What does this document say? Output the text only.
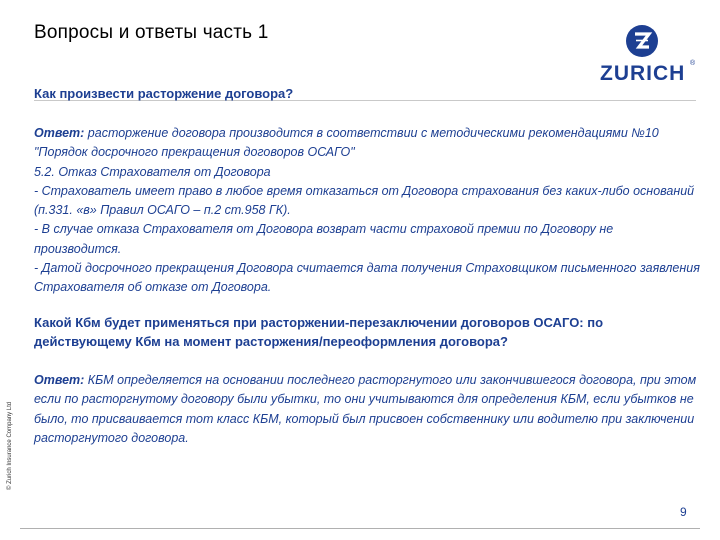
Вопросы и ответы часть 1
ZURICH ®
Как произвести расторжение договора?

Ответ: расторжение договора производится в соответствии с методическими рекомендациями №10 "Порядок досрочного прекращения договоров ОСАГО"

5.2. Отказ Страхователя от Договора

- Страхователь имеет право в любое время отказаться от Договора страхования без каких-либо оснований (п.331. «в» Правил ОСАГО – п.2 ст.958 ГК).

- В случае отказа Страхователя от Договора возврат части страховой премии по Договору не производится.

- Датой досрочного прекращения Договора считается дата получения Страховщиком письменного заявления Страхователя об отказе от Договора.

Какой Кбм будет применяться при расторжении-перезаключении договоров ОСАГО: по действующему Кбм на момент расторжения/переоформления договора?

Ответ: КБМ определяется на основании последнего расторгнутого или закончившегося договора, при этом если по расторгнутому договору были убытки, то они учитываются для определения КБМ, если убытков не было, то присваивается тот класс КБМ, который был присвоен собственнику или водителю при заключении расторгнутого договора.

© Zurich Insurance Company Ltd
9
